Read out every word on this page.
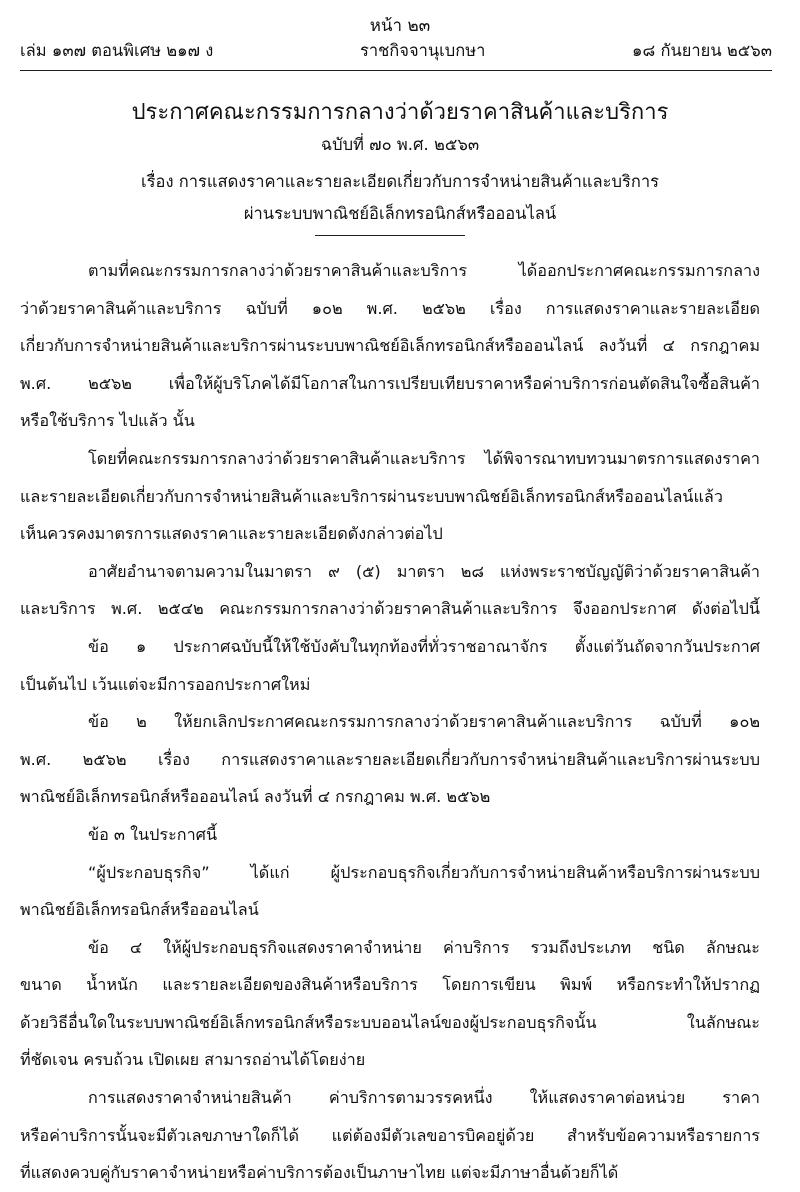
หน้า ๒๓
เล่ม ๑๓๗ ตอนพิเศษ ๒๑๗ ง	ราชกิจจานุเบกษา	๑๘ กันยายน ๒๕๖๓
ประกาศคณะกรรมการกลางว่าด้วยราคาสินค้าและบริการ
ฉบับที่ ๗๐ พ.ศ. ๒๕๖๓
เรื่อง การแสดงราคาและรายละเอียดเกี่ยวกับการจำหน่ายสินค้าและบริการ
ผ่านระบบพาณิชย์อิเล็กทรอนิกส์หรือออนไลน์
ตามที่คณะกรรมการกลางว่าด้วยราคาสินค้าและบริการ ได้ออกประกาศคณะกรรมการกลาง
ว่าด้วยราคาสินค้าและบริการ ฉบับที่ ๑๐๒ พ.ศ. ๒๕๖๒ เรื่อง การแสดงราคาและรายละเอียด
เกี่ยวกับการจำหน่ายสินค้าและบริการผ่านระบบพาณิชย์อิเล็กทรอนิกส์หรือออนไลน์ ลงวันที่ ๔ กรกฎาคม
พ.ศ. ๒๕๖๒ เพื่อให้ผู้บริโภคได้มีโอกาสในการเปรียบเทียบราคาหรือค่าบริการก่อนตัดสินใจซื้อสินค้า
หรือใช้บริการ ไปแล้ว นั้น
โดยที่คณะกรรมการกลางว่าด้วยราคาสินค้าและบริการ ได้พิจารณาทบทวนมาตรการแสดงราคา
และรายละเอียดเกี่ยวกับการจำหน่ายสินค้าและบริการผ่านระบบพาณิชย์อิเล็กทรอนิกส์หรือออนไลน์แล้ว
เห็นควรคงมาตรการแสดงราคาและรายละเอียดดังกล่าวต่อไป
อาศัยอำนาจตามความในมาตรา ๙ (๕) มาตรา ๒๘ แห่งพระราชบัญญัติว่าด้วยราคาสินค้า
และบริการ พ.ศ. ๒๕๔๒ คณะกรรมการกลางว่าด้วยราคาสินค้าและบริการ จึงออกประกาศ ดังต่อไปนี้
ข้อ ๑ ประกาศฉบับนี้ให้ใช้บังคับในทุกท้องที่ทั่วราชอาณาจักร ตั้งแต่วันถัดจากวันประกาศ
เป็นต้นไป เว้นแต่จะมีการออกประกาศใหม่
ข้อ ๒ ให้ยกเลิกประกาศคณะกรรมการกลางว่าด้วยราคาสินค้าและบริการ ฉบับที่ ๑๐๒
พ.ศ. ๒๕๖๒ เรื่อง การแสดงราคาและรายละเอียดเกี่ยวกับการจำหน่ายสินค้าและบริการผ่านระบบ
พาณิชย์อิเล็กทรอนิกส์หรือออนไลน์ ลงวันที่ ๔ กรกฎาคม พ.ศ. ๒๕๖๒
ข้อ ๓ ในประกาศนี้
“ผู้ประกอบธุรกิจ” ได้แก่ ผู้ประกอบธุรกิจเกี่ยวกับการจำหน่ายสินค้าหรือบริการผ่านระบบ
พาณิชย์อิเล็กทรอนิกส์หรือออนไลน์
ข้อ ๔ ให้ผู้ประกอบธุรกิจแสดงราคาจำหน่าย ค่าบริการ รวมถึงประเภท ชนิด ลักษณะ
ขนาด น้ำหนัก และรายละเอียดของสินค้าหรือบริการ โดยการเขียน พิมพ์ หรือกระทำให้ปรากฏ
ด้วยวิธีอื่นใดในระบบพาณิชย์อิเล็กทรอนิกส์หรือระบบออนไลน์ของผู้ประกอบธุรกิจนั้น ในลักษณะ
ที่ชัดเจน ครบถ้วน เปิดเผย สามารถอ่านได้โดยง่าย
การแสดงราคาจำหน่ายสินค้า ค่าบริการตามวรรคหนึ่ง ให้แสดงราคาต่อหน่วย ราคา
หรือค่าบริการนั้นจะมีตัวเลขภาษาใดก็ได้ แต่ต้องมีตัวเลขอารบิคอยู่ด้วย สำหรับข้อความหรือรายการ
ที่แสดงควบคู่กับราคาจำหน่ายหรือค่าบริการต้องเป็นภาษาไทย แต่จะมีภาษาอื่นด้วยก็ได้
